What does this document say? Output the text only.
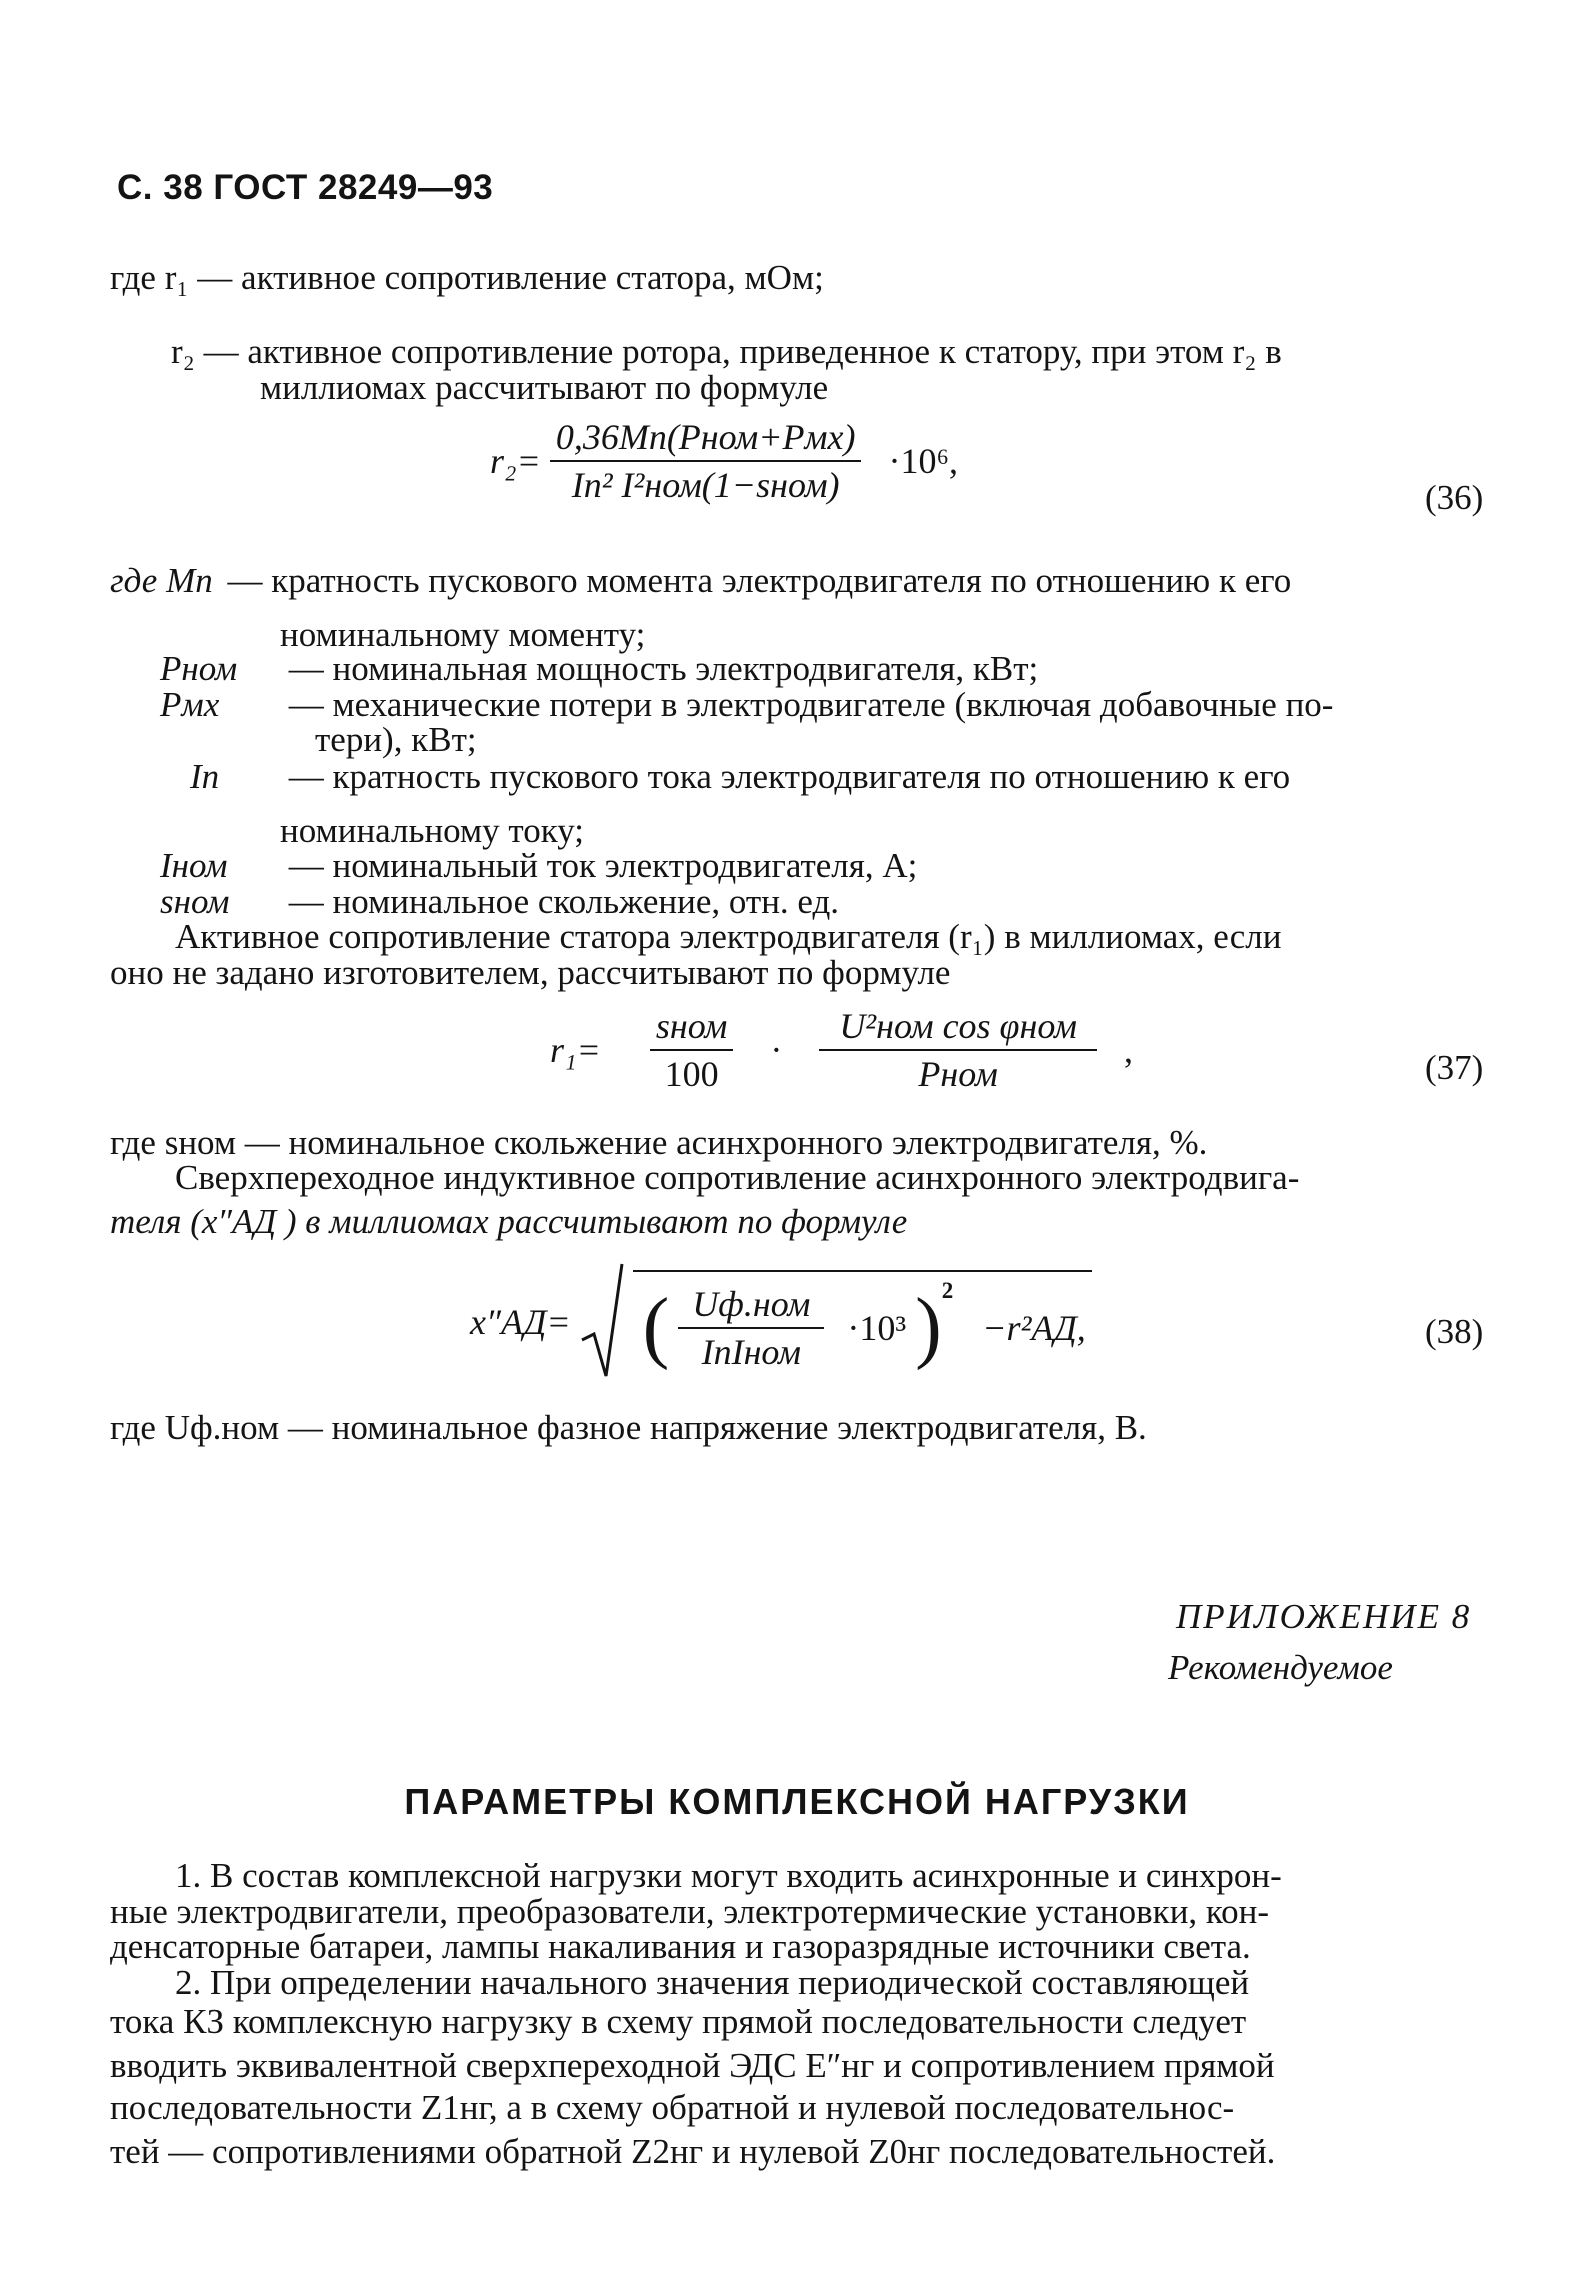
С. 38 ГОСТ 28249—93
где r₁ — активное сопротивление статора, мОм;
r₂ — активное сопротивление ротора, приведенное к статору, при этом r₂ в
миллиомах рассчитывают по формуле
$r_2= \frac{\text{0,36Mп(Pном+Pмх)}}{\text{Iп² I²ном(1−sном)}} \cdot 10^6$,
(36)
где Mп — кратность пускового момента электродвигателя по отношению к его
номинальному моменту;
Pном — номинальная мощность электродвигателя, кВт;
Pмх — механические потери в электродвигателе (включая добавочные по-
тери), кВт;
Iп — кратность пускового тока электродвигателя по отношению к его
номинальному току;
Iном — номинальный ток электродвигателя, А;
sном — номинальное скольжение, отн. ед.
Активное сопротивление статора электродвигателя (r₁) в миллиомах, если
оно не задано изготовителем, рассчитывают по формуле
$r_1= \frac{\text{sном}}{100} \cdot \frac{\text{U²ном cos φном}}{\text{Pном}}$ ,	(37)
где sном — номинальное скольжение асинхронного электродвигателя, %.
Сверхпереходное индуктивное сопротивление асинхронного электродвига-
теля (x″АД ) в миллиомах рассчитывают по формуле
x″АД= ( $\frac{\text{Uф.ном}}{\text{IпIном}} \cdot 10^3$ )$^2$ −r²АД,	(38)
где Uф.ном — номинальное фазное напряжение электродвигателя, В.
ПРИЛОЖЕНИЕ 8
Рекомендуемое
ПАРАМЕТРЫ КОМПЛЕКСНОЙ НАГРУЗКИ
1. В состав комплексной нагрузки могут входить асинхронные и синхрон-
ные электродвигатели, преобразователи, электротермические установки, кон-
денсаторные батареи, лампы накаливания и газоразрядные источники света.
2. При определении начального значения периодической составляющей
тока КЗ комплексную нагрузку в схему прямой последовательности следует
вводить эквивалентной сверхпереходной ЭДС E″нг и сопротивлением прямой
последовательности Z1нг, а в схему обратной и нулевой последовательнос-
тей — сопротивлениями обратной Z2нг и нулевой Z0нг последовательностей.
